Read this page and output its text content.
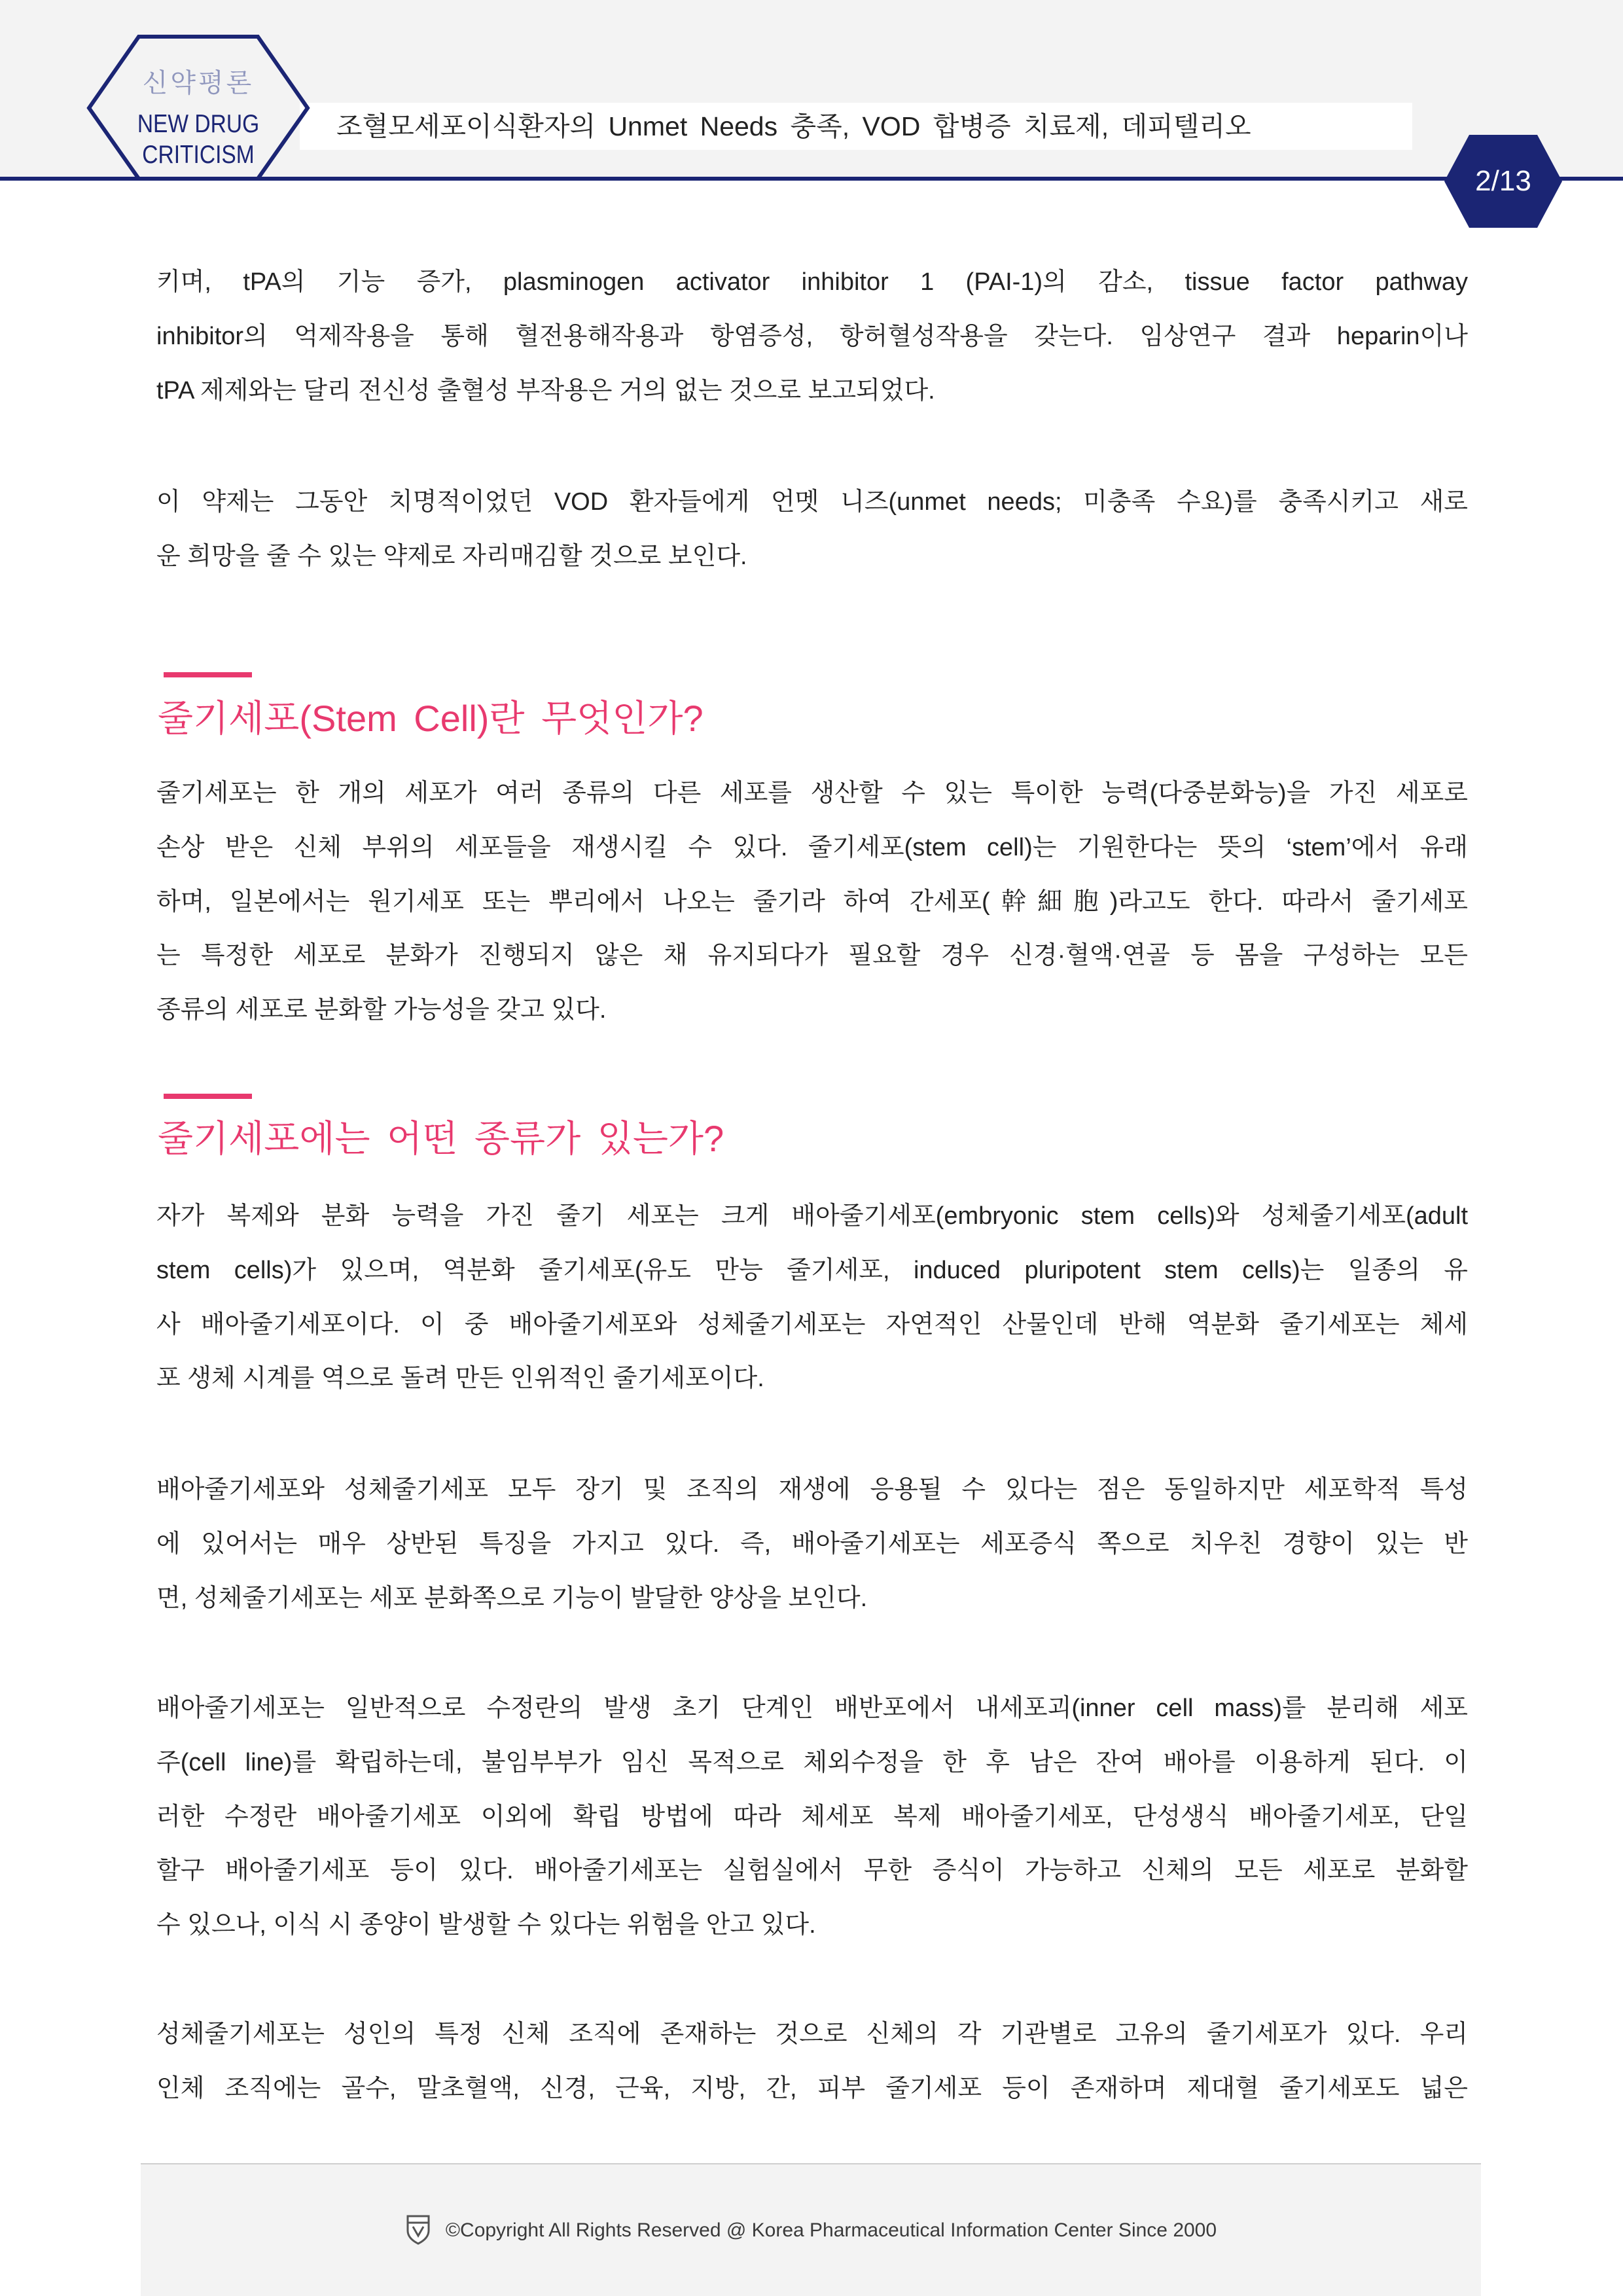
조혈모세포이식환자의 Unmet Needs 충족, VOD 합병증 치료제, 데피텔리오
신약평론
NEW DRUG
CRITICISM
2/13
키며, tPA의 기능 증가, plasminogen activator inhibitor 1 (PAI-1)의 감소, tissue factor pathway
inhibitor의 억제작용을 통해 혈전용해작용과 항염증성, 항허혈성작용을 갖는다. 임상연구 결과 heparin이나
tPA 제제와는 달리 전신성 출혈성 부작용은 거의 없는 것으로 보고되었다.
이 약제는 그동안 치명적이었던 VOD 환자들에게 언멧 니즈(unmet needs; 미충족 수요)를 충족시키고 새로
운 희망을 줄 수 있는 약제로 자리매김할 것으로 보인다.
줄기세포(Stem Cell)란 무엇인가?
줄기세포는 한 개의 세포가 여러 종류의 다른 세포를 생산할 수 있는 특이한 능력(다중분화능)을 가진 세포로
손상 받은 신체 부위의 세포들을 재생시킬 수 있다. 줄기세포(stem cell)는 기원한다는 뜻의 ‘stem’에서 유래
하며, 일본에서는 원기세포 또는 뿌리에서 나오는 줄기라 하여 간세포(幹細胞)라고도 한다. 따라서 줄기세포
는 특정한 세포로 분화가 진행되지 않은 채 유지되다가 필요할 경우 신경·혈액·연골 등 몸을 구성하는 모든
종류의 세포로 분화할 가능성을 갖고 있다.
줄기세포에는 어떤 종류가 있는가?
자가 복제와 분화 능력을 가진 줄기 세포는 크게 배아줄기세포(embryonic stem cells)와 성체줄기세포(adult
stem cells)가 있으며, 역분화 줄기세포(유도 만능 줄기세포, induced pluripotent stem cells)는 일종의 유
사 배아줄기세포이다. 이 중 배아줄기세포와 성체줄기세포는 자연적인 산물인데 반해 역분화 줄기세포는 체세
포 생체 시계를 역으로 돌려 만든 인위적인 줄기세포이다.
배아줄기세포와 성체줄기세포 모두 장기 및 조직의 재생에 응용될 수 있다는 점은 동일하지만 세포학적 특성
에 있어서는 매우 상반된 특징을 가지고 있다. 즉, 배아줄기세포는 세포증식 쪽으로 치우친 경향이 있는 반
면, 성체줄기세포는 세포 분화쪽으로 기능이 발달한 양상을 보인다.
배아줄기세포는 일반적으로 수정란의 발생 초기 단계인 배반포에서 내세포괴(inner cell mass)를 분리해 세포
주(cell line)를 확립하는데, 불임부부가 임신 목적으로 체외수정을 한 후 남은 잔여 배아를 이용하게 된다. 이
러한 수정란 배아줄기세포 이외에 확립 방법에 따라 체세포 복제 배아줄기세포, 단성생식 배아줄기세포, 단일
할구 배아줄기세포 등이 있다. 배아줄기세포는 실험실에서 무한 증식이 가능하고 신체의 모든 세포로 분화할
수 있으나, 이식 시 종양이 발생할 수 있다는 위험을 안고 있다.
성체줄기세포는 성인의 특정 신체 조직에 존재하는 것으로 신체의 각 기관별로 고유의 줄기세포가 있다. 우리
인체 조직에는 골수, 말초혈액, 신경, 근육, 지방, 간, 피부 줄기세포 등이 존재하며 제대혈 줄기세포도 넓은
©Copyright All Rights Reserved @ Korea Pharmaceutical Information Center Since 2000
